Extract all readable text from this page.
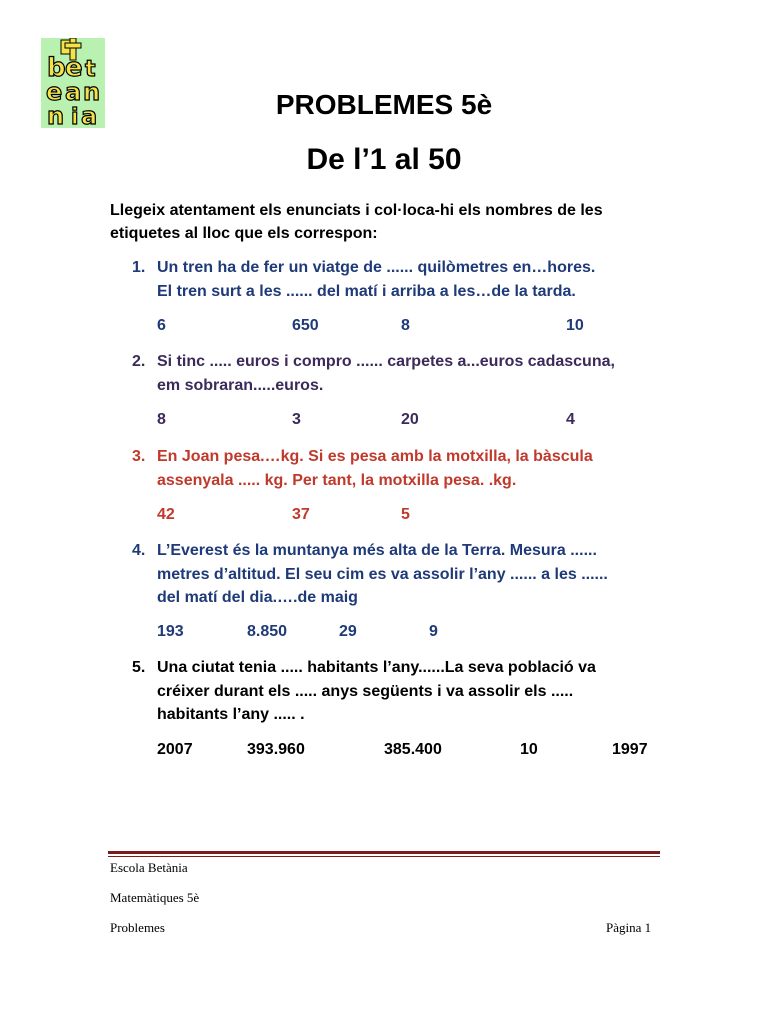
b e t
e a n
n i a	PROBLEMES 5è
De l’1 al 50
Llegeix atentament els enunciats i col·loca-hi els nombres de les etiquetes al lloc que els correspon:
1. Un tren ha de fer un viatge de ...... quilòmetres en…hores.
El tren surt a les ...... del matí i arriba a les…de la tarda.
6	650	8	10
2. Si tinc ..... euros i compro ...... carpetes a...euros cadascuna,
em sobraran.....euros.
8	3	20	4
3. En Joan pesa.…kg. Si es pesa amb la motxilla, la bàscula
assenyala ..... kg. Per tant, la motxilla pesa. .kg.
42	37	5
4. L’Everest és la muntanya més alta de la Terra. Mesura ......
metres d’altitud. El seu cim es va assolir l’any ...... a les ......
del matí del dia.….de maig
193	8.850	29	9
5. Una ciutat tenia ..... habitants l’any......La seva població va
créixer durant els ..... anys següents i va assolir els .....
habitants l’any ..... .
2007	393.960	385.400	10	1997
Escola Betània
Matemàtiques 5è
Problemes	Pàgina 1
